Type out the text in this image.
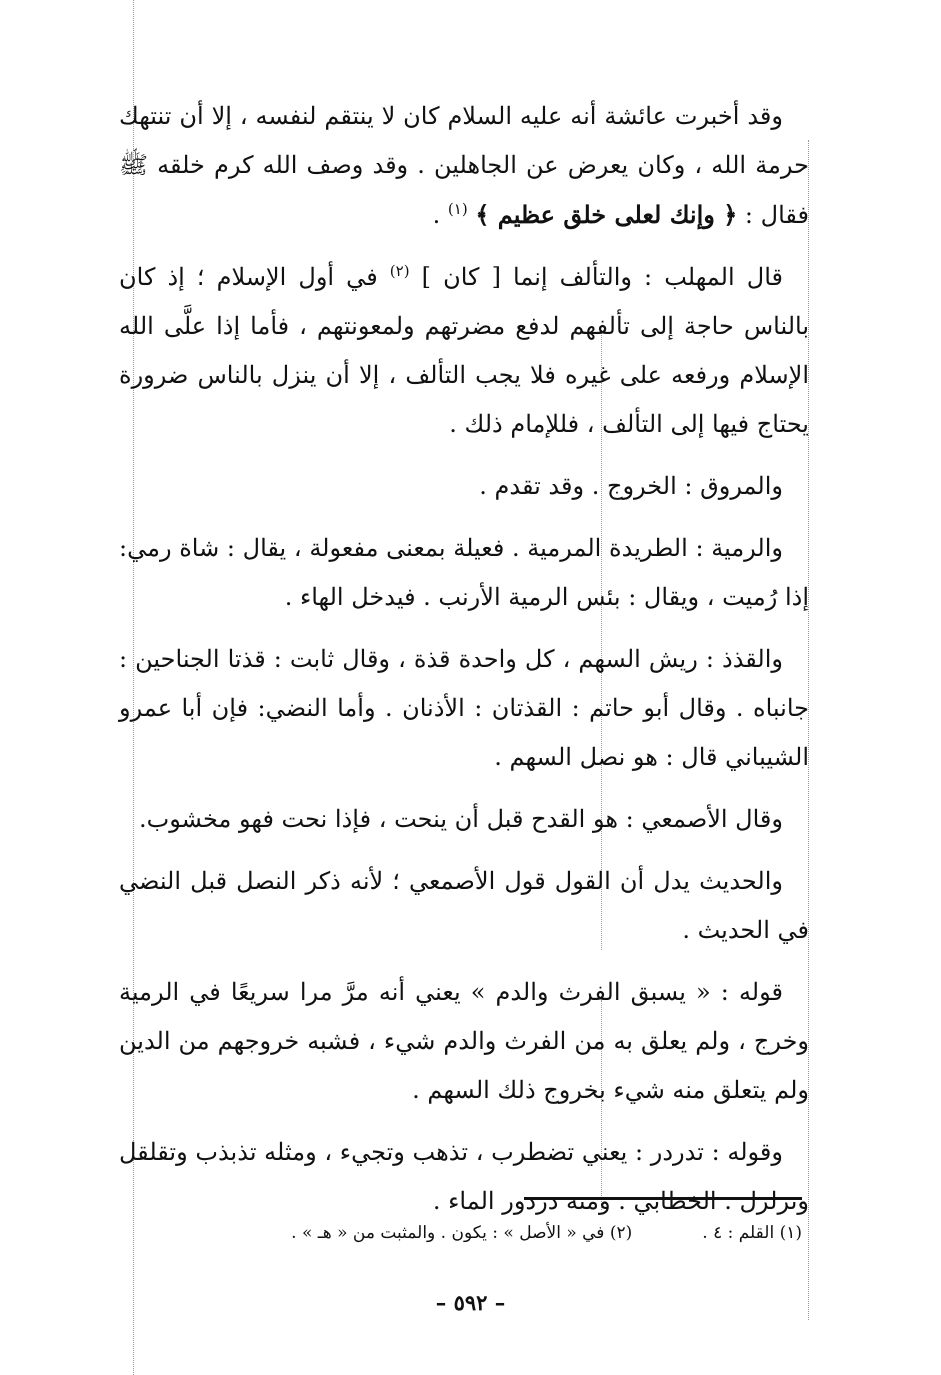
وقد أخبرت عائشة أنه عليه السلام كان لا ينتقم لنفسه ، إلا أن تنتهك حرمة الله ، وكان يعرض عن الجاهلين . وقد وصف الله كرم خلقه ﷺ فقال : ﴿ وإنك لعلى خلق عظيم ﴾ $^{(١)}$ .

قال المهلب : والتألف إنما [ كان ] $^{(٢)}$ في أول الإسلام ؛ إذ كان بالناس حاجة إلى تألفهم لدفع مضرتهم ولمعونتهم ، فأما إذا علَّى الله الإسلام ورفعه على غيره فلا يجب التألف ، إلا أن ينزل بالناس ضرورة يحتاج فيها إلى التألف ، فللإمام ذلك .

والمروق : الخروج . وقد تقدم .

والرمية : الطريدة المرمية . فعيلة بمعنى مفعولة ، يقال : شاة رمي: إذا رُميت ، ويقال : بئس الرمية الأرنب . فيدخل الهاء .

والقذذ : ريش السهم ، كل واحدة قذة ، وقال ثابت : قذتا الجناحين : جانباه . وقال أبو حاتم : القذتان : الأذنان . وأما النضي: فإن أبا عمرو الشيباني قال : هو نصل السهم .

وقال الأصمعي : هو القدح قبل أن ينحت ، فإذا نحت فهو مخشوب.

والحديث يدل أن القول قول الأصمعي ؛ لأنه ذكر النصل قبل النضي في الحديث .

قوله : « يسبق الفرث والدم » يعني أنه مرَّ مرا سريعًا في الرمية وخرج ، ولم يعلق به من الفرث والدم شيء ، فشبه خروجهم من الدين ولم يتعلق منه شيء بخروج ذلك السهم .

وقوله : تدردر : يعني تضطرب ، تذهب وتجيء ، ومثله تذبذب وتقلقل وتزلزل . الخطابي . ومنه دردور الماء .

(١) القلم : ٤ .
(٢) في « الأصل » : يكون . والمثبت من « هـ » .
– ٥٩٢ –
